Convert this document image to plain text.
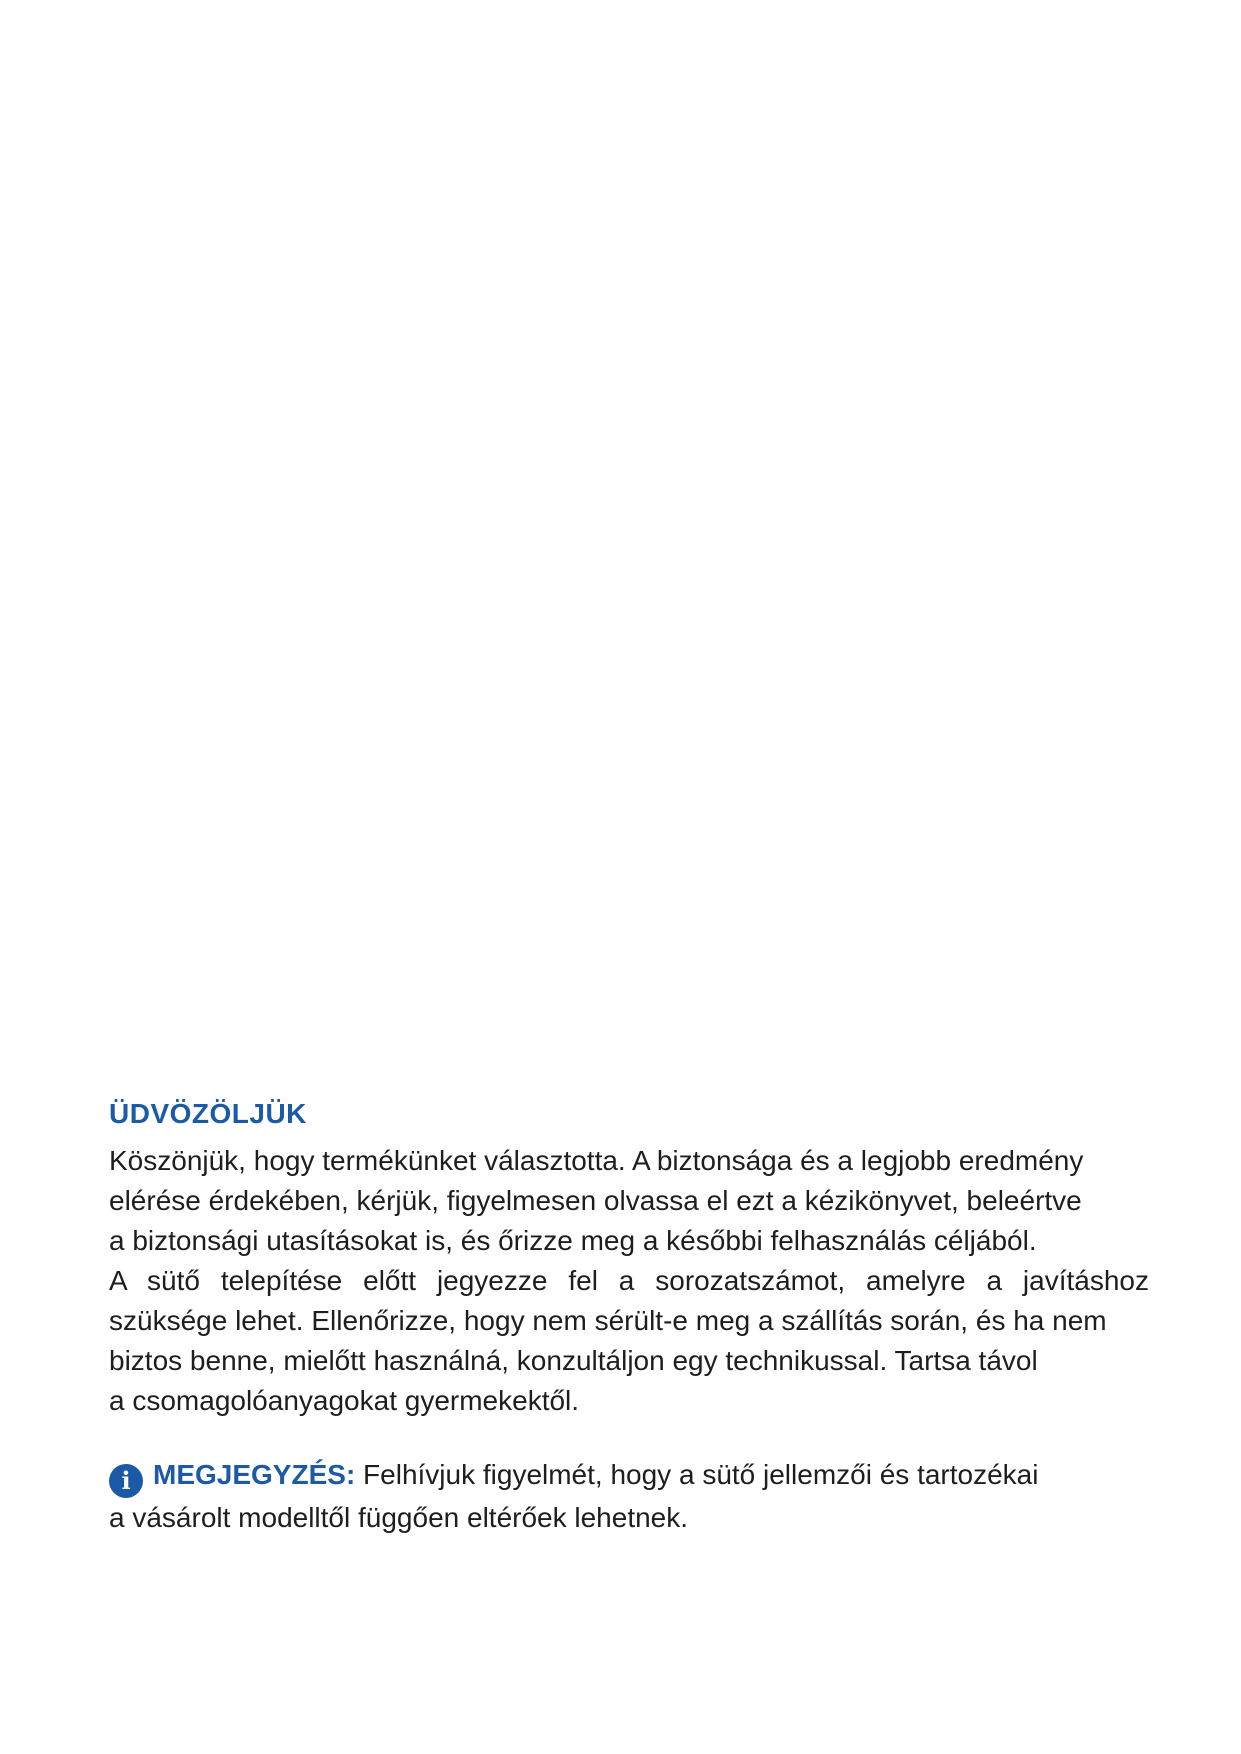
ÜDVÖZÖLJÜK

Köszönjük, hogy termékünket választotta. A biztonsága és a legjobb eredmény

elérése érdekében, kérjük, figyelmesen olvassa el ezt a kézikönyvet, beleértve

a biztonsági utasításokat is, és őrizze meg a későbbi felhasználás céljából.

A sütő telepítése előtt jegyezze fel a sorozatszámot, amelyre a javításhoz

szüksége lehet. Ellenőrizze, hogy nem sérült-e meg a szállítás során, és ha nem

biztos benne, mielőtt használná, konzultáljon egy technikussal. Tartsa távol

a csomagolóanyagokat gyermekektől.

i MEGJEGYZÉS: Felhívjuk figyelmét, hogy a sütő jellemzői és tartozékai

a vásárolt modelltől függően eltérőek lehetnek.
